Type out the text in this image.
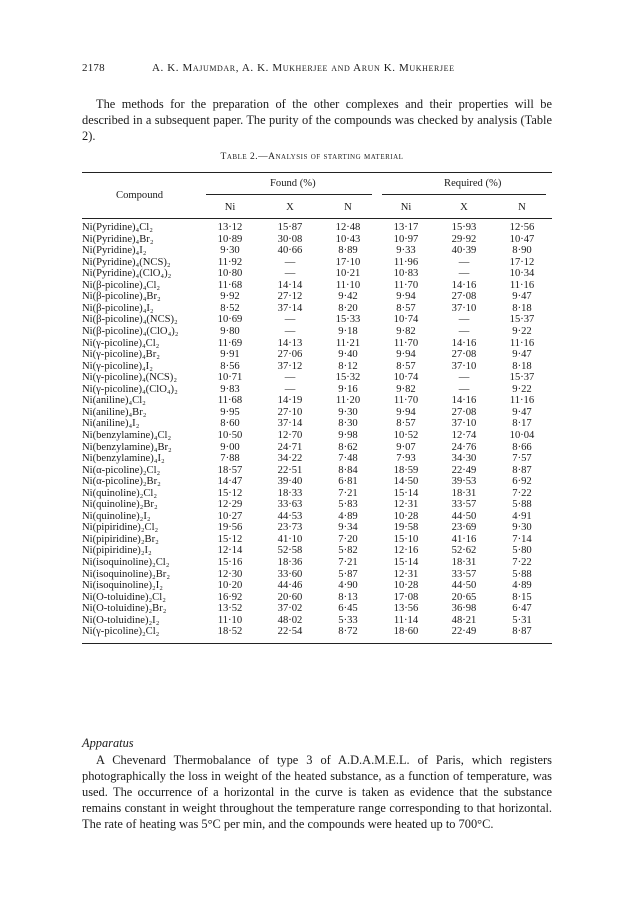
2178	A. K. Majumdar, A. K. Mukherjee and Arun K. Mukherjee
The methods for the preparation of the other complexes and their properties will be described in a subsequent paper. The purity of the compounds was checked by analysis (Table 2).
Table 2.—Analysis of starting material
Compound
Found (%)	Required (%)
Ni	X	N	Ni	X	N
Ni(Pyridine)₄Cl₂	13·12	15·87	12·48	13·17	15·93	12·56
Ni(Pyridine)₄Br₂	10·89	30·08	10·43	10·97	29·92	10·47
Ni(Pyridine)₄I₂	9·30	40·66	8·89	9·33	40·39	8·90
Ni(Pyridine)₄(NCS)₂	11·92	—	17·10	11·96	—	17·12
Ni(Pyridine)₄(ClO₄)₂	10·80	—	10·21	10·83	—	10·34
Ni(β-picoline)₄Cl₂	11·68	14·14	11·10	11·70	14·16	11·16
Ni(β-picoline)₄Br₂	9·92	27·12	9·42	9·94	27·08	9·47
Ni(β-picoline)₄I₂	8·52	37·14	8·20	8·57	37·10	8·18
Ni(β-picoline)₄(NCS)₂	10·69	—	15·33	10·74	—	15·37
Ni(β-picoline)₄(ClO₄)₂	9·80	—	9·18	9·82	—	9·22
Ni(γ-picoline)₄Cl₂	11·69	14·13	11·21	11·70	14·16	11·16
Ni(γ-picoline)₄Br₂	9·91	27·06	9·40	9·94	27·08	9·47
Ni(γ-picoline)₄I₂	8·56	37·12	8·12	8·57	37·10	8·18
Ni(γ-picoline)₄(NCS)₂	10·71	—	15·32	10·74	—	15·37
Ni(γ-picoline)₄(ClO₄)₂	9·83	—	9·16	9·82	—	9·22
Ni(aniline)₄Cl₂	11·68	14·19	11·20	11·70	14·16	11·16
Ni(aniline)₄Br₂	9·95	27·10	9·30	9·94	27·08	9·47
Ni(aniline)₄I₂	8·60	37·14	8·30	8·57	37·10	8·17
Ni(benzylamine)₄Cl₂	10·50	12·70	9·98	10·52	12·74	10·04
Ni(benzylamine)₄Br₂	9·00	24·71	8·62	9·07	24·76	8·66
Ni(benzylamine)₄I₂	7·88	34·22	7·48	7·93	34·30	7·57
Ni(α-picoline)₂Cl₂	18·57	22·51	8·84	18·59	22·49	8·87
Ni(α-picoline)₂Br₂	14·47	39·40	6·81	14·50	39·53	6·92
Ni(quinoline)₂Cl₂	15·12	18·33	7·21	15·14	18·31	7·22
Ni(quinoline)₂Br₂	12·29	33·63	5·83	12·31	33·57	5·88
Ni(quinoline)₂I₂	10·27	44·53	4·89	10·28	44·50	4·91
Ni(pipiridine)₂Cl₂	19·56	23·73	9·34	19·58	23·69	9·30
Ni(pipiridine)₂Br₂	15·12	41·10	7·20	15·10	41·16	7·14
Ni(pipiridine)₂I₂	12·14	52·58	5·82	12·16	52·62	5·80
Ni(isoquinoline)₂Cl₂	15·16	18·36	7·21	15·14	18·31	7·22
Ni(isoquinoline)₂Br₂	12·30	33·60	5·87	12·31	33·57	5·88
Ni(isoquinoline)₂I₂	10·20	44·46	4·90	10·28	44·50	4·89
Ni(O-toluidine)₂Cl₂	16·92	20·60	8·13	17·08	20·65	8·15
Ni(O-toluidine)₂Br₂	13·52	37·02	6·45	13·56	36·98	6·47
Ni(O-toluidine)₂I₂	11·10	48·02	5·33	11·14	48·21	5·31
Ni(γ-picoline)₂Cl₂	18·52	22·54	8·72	18·60	22·49	8·87
Apparatus
A Chevenard Thermobalance of type 3 of A.D.A.M.E.L. of Paris, which registers photographically the loss in weight of the heated substance, as a function of temperature, was used. The occurrence of a horizontal in the curve is taken as evidence that the substance remains constant in weight throughout the temperature range corresponding to that horizontal. The rate of heating was 5°C per min, and the compounds were heated up to 700°C.
